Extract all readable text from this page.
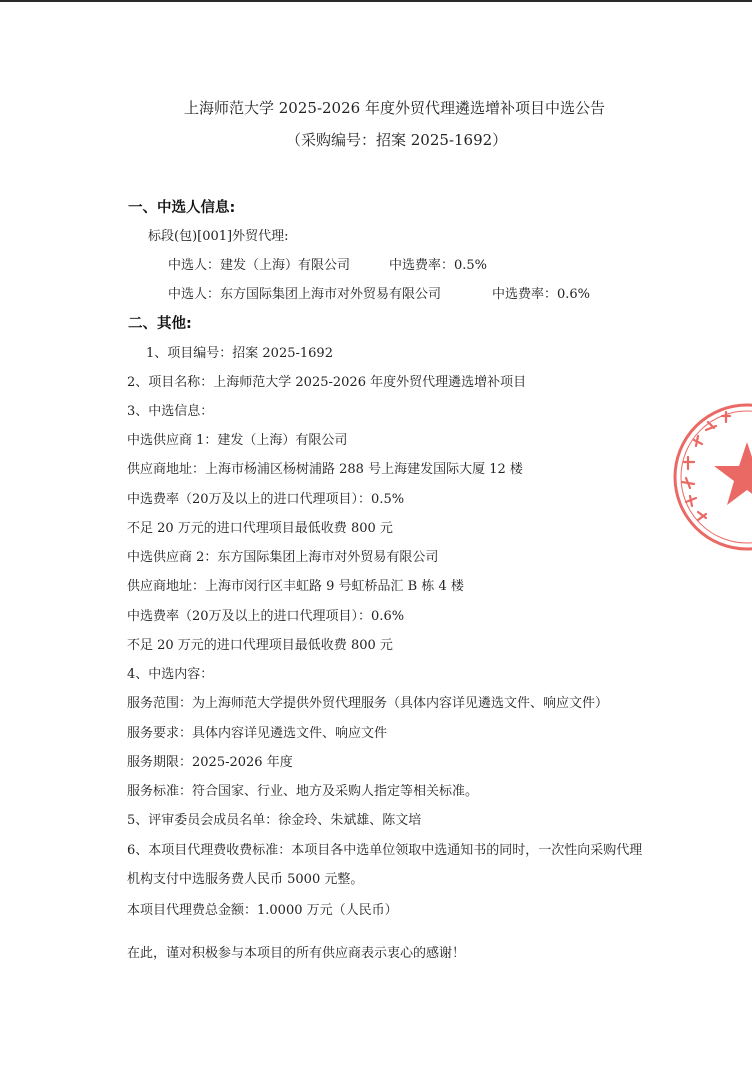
上海师范大学 2025-2026 年度外贸代理遴选增补项目中选公告
（采购编号：招案 2025-1692）
一、中选人信息:
标段(包)[001]外贸代理:
中选人：建发（上海）有限公司	中选费率：0.5%
中选人：东方国际集团上海市对外贸易有限公司	中选费率：0.6%
二、其他:
1、项目编号：招案 2025-1692
2、项目名称：上海师范大学 2025-2026 年度外贸代理遴选增补项目
3、中选信息：
中选供应商 1：建发（上海）有限公司
供应商地址：上海市杨浦区杨树浦路 288 号上海建发国际大厦 12 楼
中选费率（20万及以上的进口代理项目）：0.5%
不足 20 万元的进口代理项目最低收费 800 元
中选供应商 2：东方国际集团上海市对外贸易有限公司
供应商地址：上海市闵行区丰虹路 9 号虹桥品汇 B 栋 4 楼
中选费率（20万及以上的进口代理项目）：0.6%
不足 20 万元的进口代理项目最低收费 800 元
4、中选内容：
服务范围：为上海师范大学提供外贸代理服务（具体内容详见遴选文件、响应文件）
服务要求：具体内容详见遴选文件、响应文件
服务期限：2025-2026 年度
服务标准：符合国家、行业、地方及采购人指定等相关标准。
5、评审委员会成员名单：徐金玲、朱斌雄、陈文培
6、本项目代理费收费标准：本项目各中选单位领取中选通知书的同时，一次性向采购代理
机构支付中选服务费人民币 5000 元整。
本项目代理费总金额：1.0000 万元（人民币）
在此，谨对积极参与本项目的所有供应商表示衷心的感谢！
